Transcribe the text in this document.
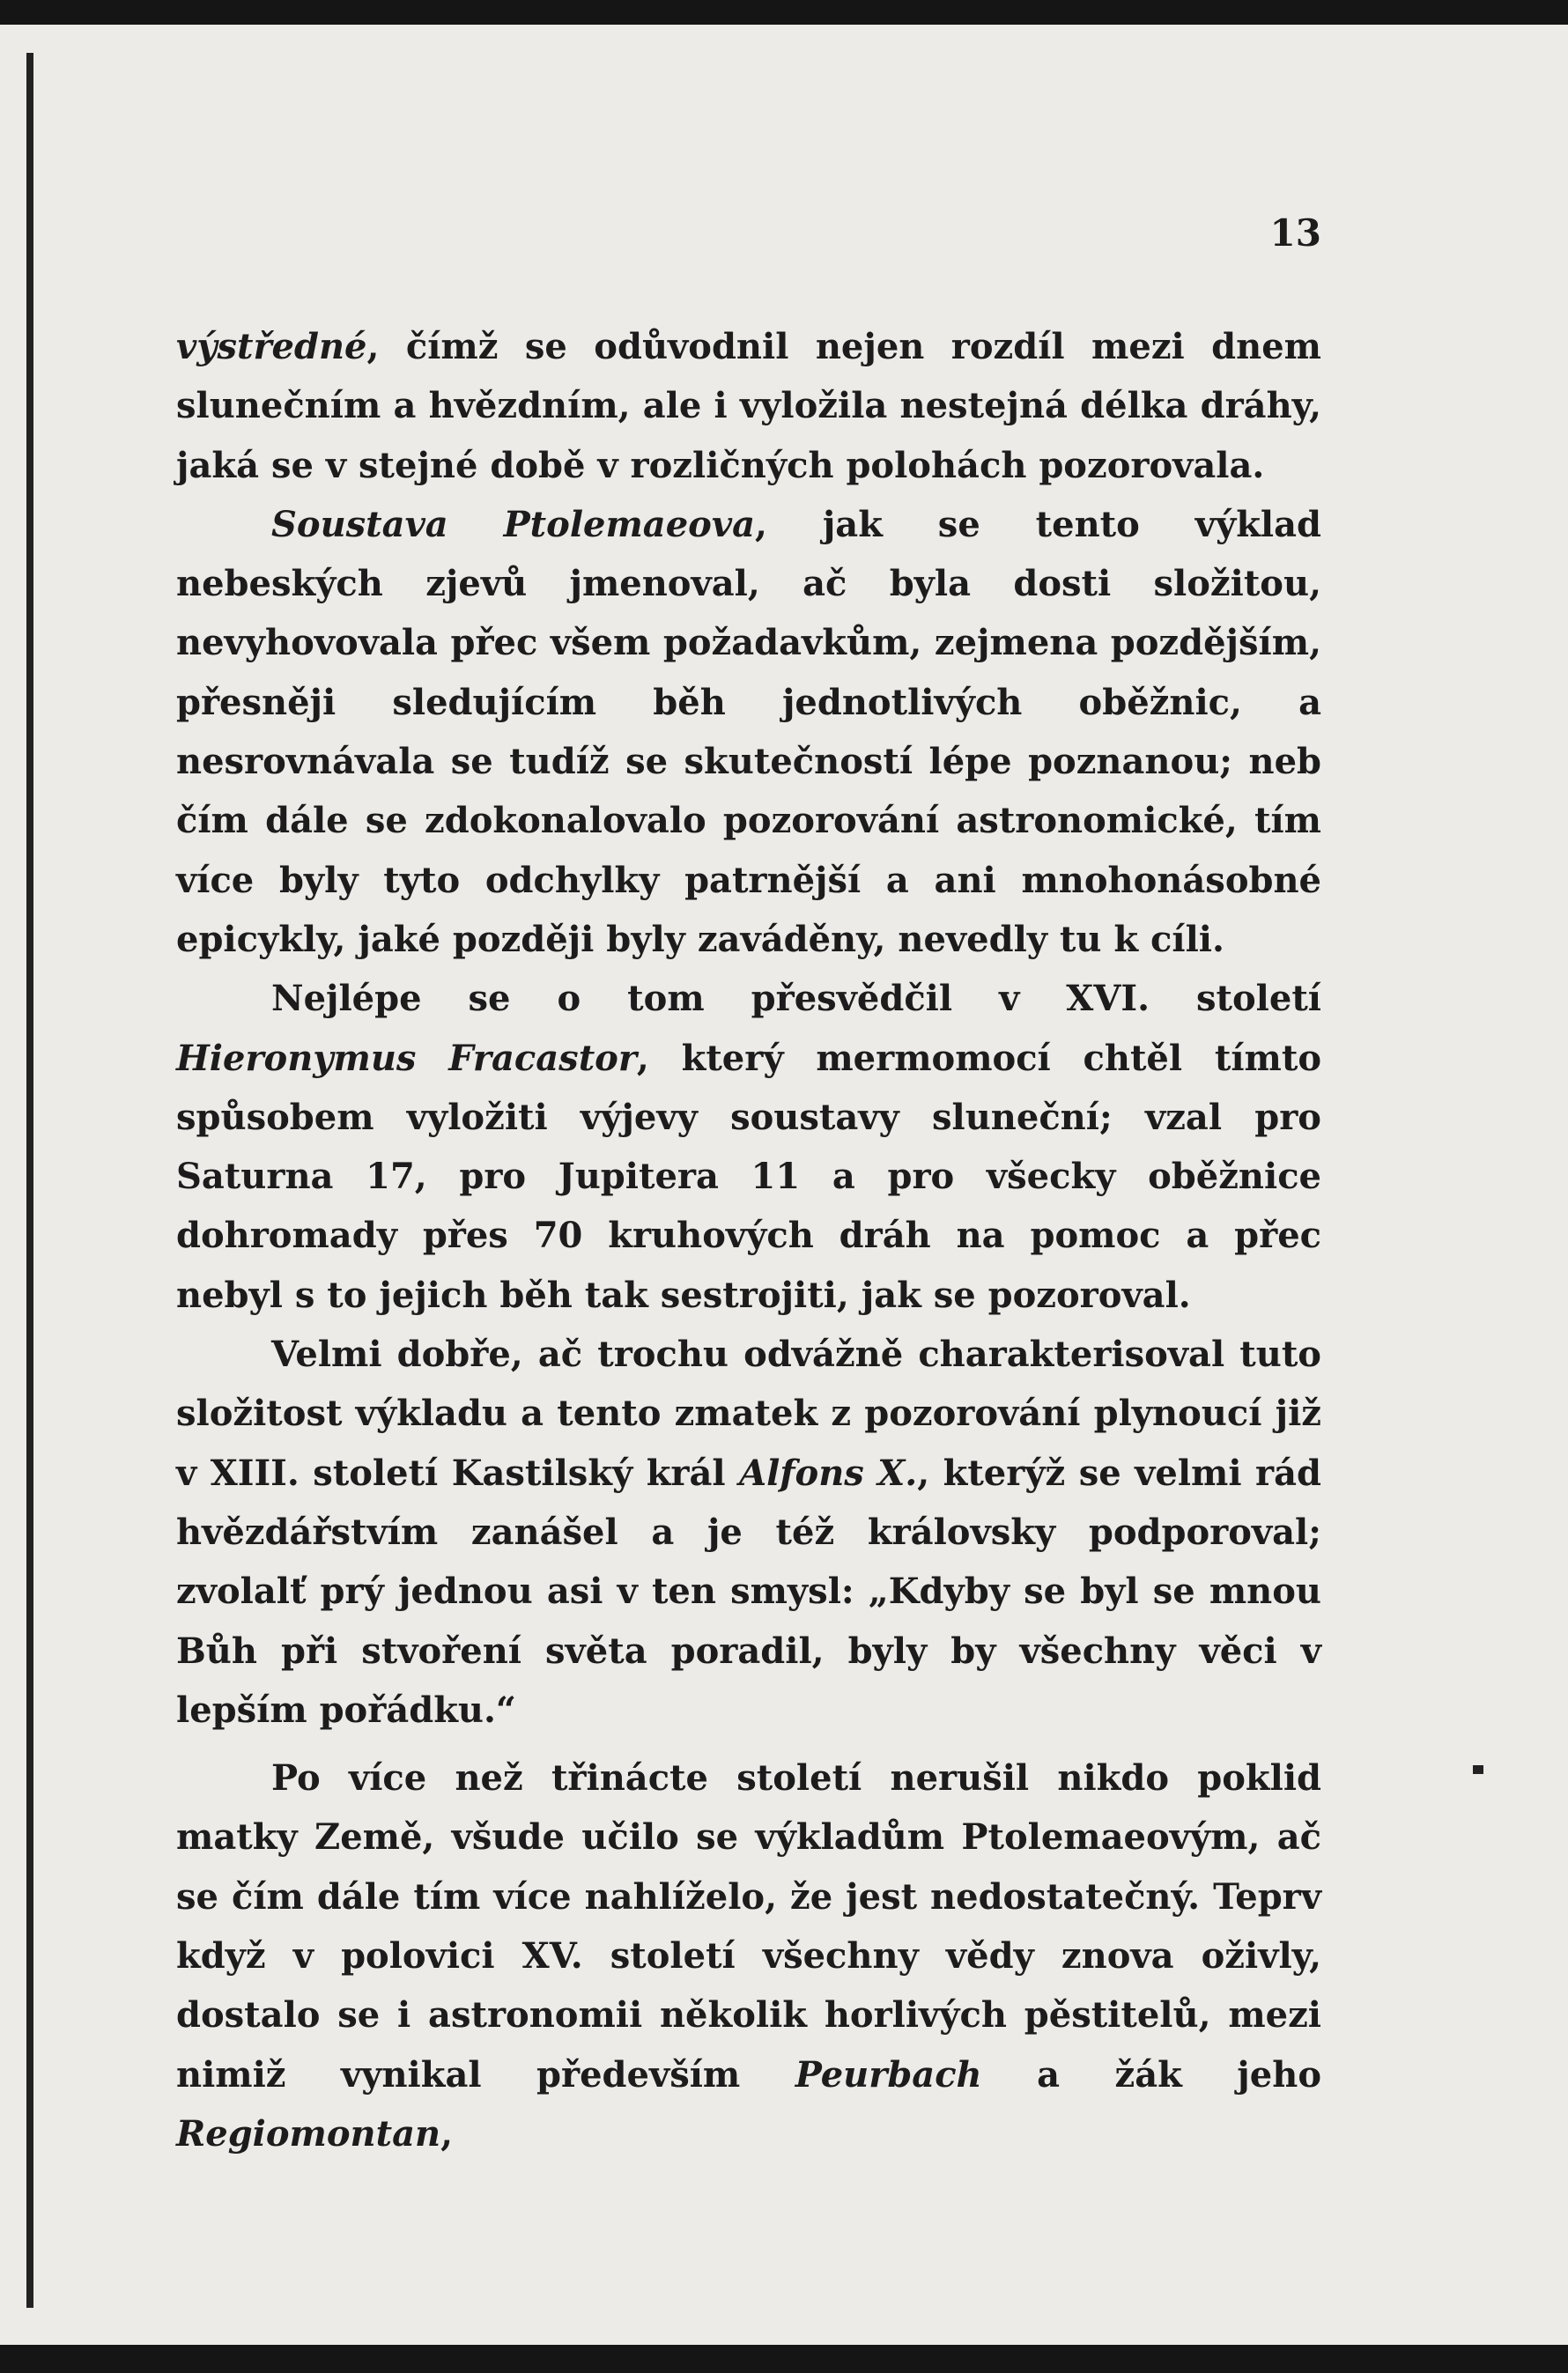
13

výstředné, čímž se odůvodnil nejen rozdíl mezi dnem slunečním a hvězdním, ale i vyložila nestejná délka dráhy, jaká se v stejné době v rozličných polohách pozorovala.

Soustava Ptolemaeova, jak se tento výklad nebeských zjevů jmenoval, ač byla dosti složitou, nevyhovovala přec všem požadavkům, zejmena pozdějším, přesněji sledujícím běh jednotlivých oběžnic, a nesrovnávala se tudíž se skutečností lépe poznanou; neb čím dále se zdokonalovalo pozorování astronomické, tím více byly tyto odchylky patrnější a ani mnohonásobné epicykly, jaké později byly zaváděny, nevedly tu k cíli.

Nejlépe se o tom přesvědčil v XVI. století Hieronymus Fracastor, který mermomocí chtěl tímto spůsobem vyložiti výjevy soustavy sluneční; vzal pro Saturna 17, pro Jupitera 11 a pro všecky oběžnice dohromady přes 70 kruhových dráh na pomoc a přec nebyl s to jejich běh tak sestrojiti, jak se pozoroval.

Velmi dobře, ač trochu odvážně charakterisoval tuto složitost výkladu a tento zmatek z pozorování plynoucí již v XIII. století Kastilský král Alfons X., kterýž se velmi rád hvězdářstvím zanášel a je též královsky podporoval; zvolalť prý jednou asi v ten smysl: „Kdyby se byl se mnou Bůh při stvoření světa poradil, byly by všechny věci v lepším pořádku.“

Po více než třinácte století nerušil nikdo poklid matky Země, všude učilo se výkladům Ptolemaeovým, ač se čím dále tím více nahlíželo, že jest nedostatečný. Teprv když v polovici XV. století všechny vědy znova oživly, dostalo se i astronomii několik horlivých pěstitelů, mezi nimiž vynikal především Peurbach a žák jeho Regiomontan,
